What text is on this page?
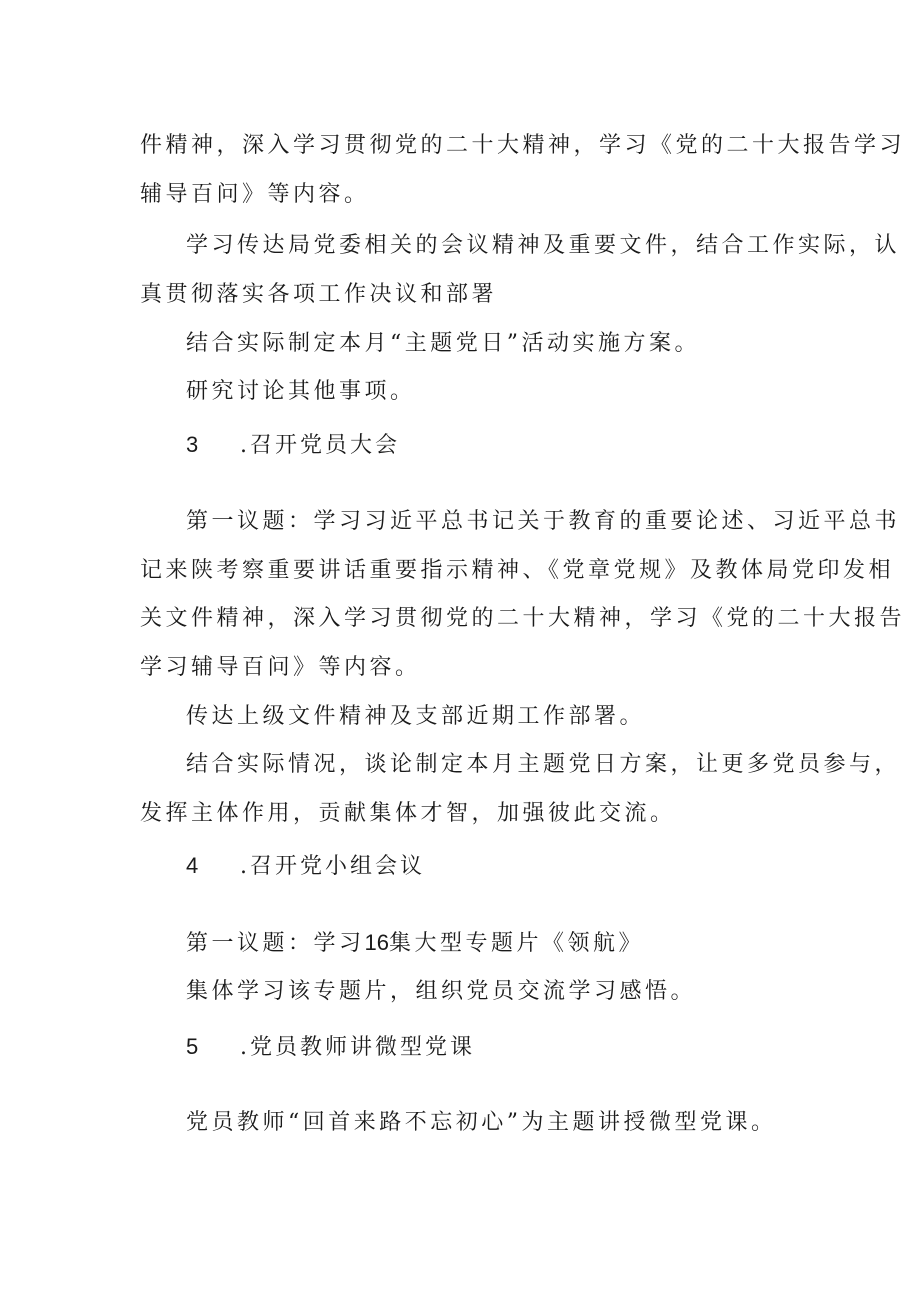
件精神，深入学习贯彻党的二十大精神，学习《党的二十大报告学习
辅导百问》等内容。
学习传达局党委相关的会议精神及重要文件，结合工作实际，认
真贯彻落实各项工作决议和部署
结合实际制定本月“主题党日”活动实施方案。
研究讨论其他事项。
3 .召开党员大会
第一议题：学习习近平总书记关于教育的重要论述、习近平总书
记来陕考察重要讲话重要指示精神、《党章党规》及教体局党印发相
关文件精神，深入学习贯彻党的二十大精神，学习《党的二十大报告
学习辅导百问》等内容。
传达上级文件精神及支部近期工作部署。
结合实际情况，谈论制定本月主题党日方案，让更多党员参与，
发挥主体作用，贡献集体才智，加强彼此交流。
4 .召开党小组会议
第一议题：学习16集大型专题片《领航》
集体学习该专题片，组织党员交流学习感悟。
5 .党员教师讲微型党课
党员教师“回首来路不忘初心”为主题讲授微型党课。
